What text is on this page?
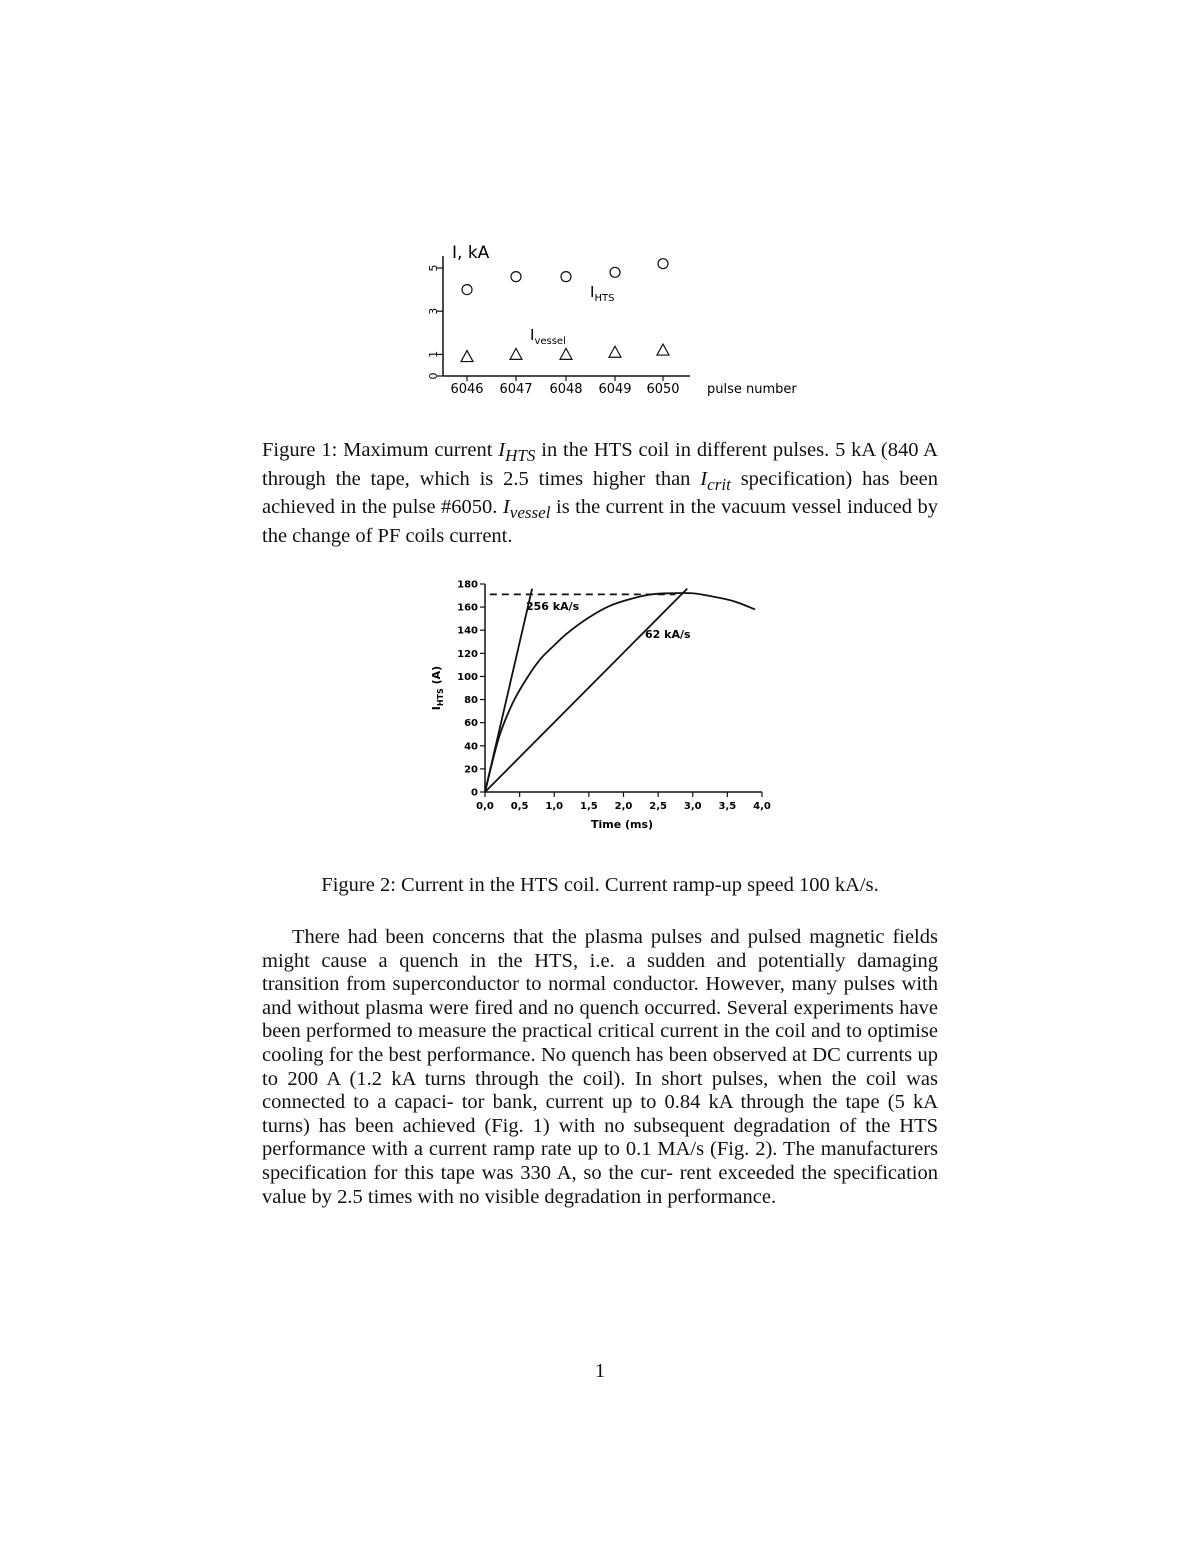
I, kA
pulse number
$I_{HTS}$
$I_{vessel}$
0
1
3
5
6046 6047 6048 6049 6050
Figure 1: Maximum current $I_{HTS}$ in the HTS coil in different pulses. 5 kA (840 A through the tape, which is 2.5 times higher than $I_{crit}$ specification) has been achieved in the pulse #6050. $I_{vessel}$ is the current in the vacuum vessel induced by the change of PF coils current.
Time (ms)
$I_{HTS}$ (A)
256 kA/s
62 kA/s
0
20
40
60
80
100
120
140
160
180
0,0 0,5 1,0 1,5 2,0 2,5 3,0 3,5 4,0
Figure 2: Current in the HTS coil. Current ramp-up speed 100 kA/s.

There had been concerns that the plasma pulses and pulsed magnetic fields might cause a quench in the HTS, i.e. a sudden and potentially damaging transition from superconductor to normal conductor. However, many pulses with and without plasma were fired and no quench occurred. Several experiments have been performed to measure the practical critical current in the coil and to optimise cooling for the best performance. No quench has been observed at DC currents up to 200 A (1.2 kA turns through the coil). In short pulses, when the coil was connected to a capaci- tor bank, current up to 0.84 kA through the tape (5 kA turns) has been achieved (Fig. 1) with no subsequent degradation of the HTS performance with a current ramp rate up to 0.1 MA/s (Fig. 2). The manufacturers specification for this tape was 330 A, so the cur- rent exceeded the specification value by 2.5 times with no visible degradation in performance.

1
